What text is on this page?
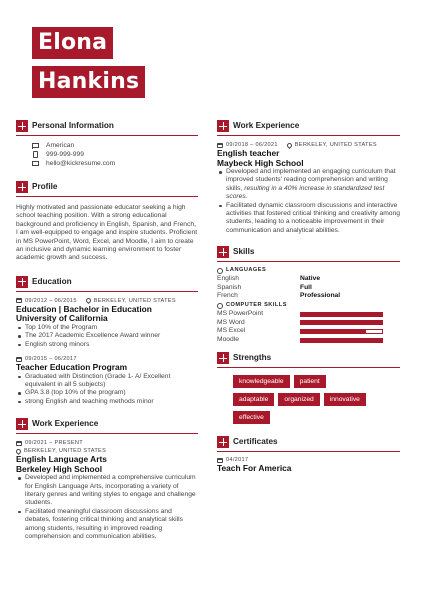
Elona
Hankins
Personal Information
American
999-999-999
hello@kickresume.com
Profile
Highly motivated and passionate educator seeking a high school teaching position. With a strong educational background and proficiency in English, Spanish, and French, I am well-equipped to engage and inspire students. Proficient in MS PowerPoint, Word, Excel, and Moodle, I aim to create an inclusive and dynamic learning environment to foster academic growth and success.
Education
09/2012 – 06/2015	BERKELEY, UNITED STATES
Education | Bachelor in Education
University of California
Top 10% of the Program
The 2017 Academic Excellence Award winner
English strong minors
09/2015 – 06/2017
Teacher Education Program
Graduated with Distinction (Grade 1- A/ Excellent equivalent in all 5 subjects)
GPA 3.8 (top 10% of the program)
strong English and teaching methods minor
Work Experience
09/2021 – PRESENT
BERKELEY, UNITED STATES
English Language Arts
Berkeley High School
Developed and implemented a comprehensive curriculum for English Language Arts, incorporating a variety of literary genres and writing styles to engage and challenge students.
Facilitated meaningful classroom discussions and debates, fostering critical thinking and analytical skills among students, resulting in improved reading comprehension and communication abilities.
Work Experience
09/2018 – 06/2021	BERKELEY, UNITED STATES
English teacher
Maybeck High School
Developed and implemented an engaging curriculum that improved students' reading comprehension and writing skills, resulting in a 40% increase in standardized test scores.
Facilitated dynamic classroom discussions and interactive activities that fostered critical thinking and creativity among students, leading to a noticeable improvement in their communication and analytical abilities.
Skills
LANGUAGES
English	Native
Spanish	Full
French	Professional
COMPUTER SKILLS
MS PowerPoint
MS Word
MS Excel
Moodle
Strengths
knowledgeable	patient
adaptable	organized	innovative
effective
Certificates
04/2017
Teach For America
